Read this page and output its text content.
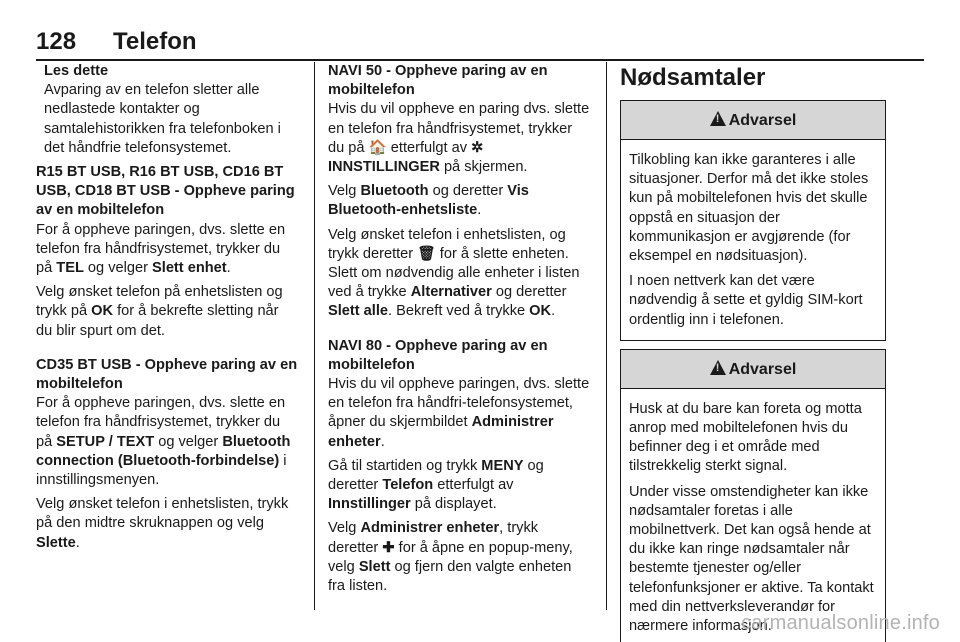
128 Telefon

Les dette

Avparing av en telefon sletter alle nedlastede kontakter og samtalehistorikken fra telefonboken i det håndfrie telefonsystemet.

R15 BT USB, R16 BT USB, CD16 BT USB, CD18 BT USB - Oppheve paring av en mobiltelefon

For å oppheve paringen, dvs. slette en telefon fra håndfrisystemet, trykker du på TEL og velger Slett enhet.

Velg ønsket telefon på enhetslisten og trykk på OK for å bekrefte sletting når du blir spurt om det.

CD35 BT USB - Oppheve paring av en mobiltelefon

For å oppheve paringen, dvs. slette en telefon fra håndfrisystemet, trykker du på SETUP / TEXT og velger Bluetooth connection (Bluetooth-forbindelse) i innstillingsmenyen.

Velg ønsket telefon i enhetslisten, trykk på den midtre skruknappen og velg Slette.

NAVI 50 - Oppheve paring av en mobiltelefon

Hvis du vil oppheve en paring dvs. slette en telefon fra håndfrisystemet, trykker du på 🏠 etterfulgt av ✲INNSTILLINGER på skjermen.

Velg Bluetooth og deretter Vis Bluetooth-enhetsliste.

Velg ønsket telefon i enhetslisten, og trykk deretter 🗑 for å slette enheten. Slett om nødvendig alle enheter i listen ved å trykke Alternativer og deretter Slett alle. Bekreft ved å trykke OK.

NAVI 80 - Oppheve paring av en mobiltelefon

Hvis du vil oppheve paringen, dvs. slette en telefon fra håndfri-telefonsystemet, åpner du skjermbildet Administrer enheter.

Gå til startiden og trykk MENY og deretter Telefon etterfulgt av Innstillinger på displayet.

Velg Administrer enheter, trykk deretter ✚ for å åpne en popup-meny, velg Slett og fjern den valgte enheten fra listen.

Nødsamtaler
!Advarsel

Tilkobling kan ikke garanteres i alle situasjoner. Derfor må det ikke stoles kun på mobiltelefonen hvis det skulle oppstå en situasjon der kommunikasjon er avgjørende (for eksempel en nødsituasjon).

I noen nettverk kan det være nødvendig å sette et gyldig SIM-kort ordentlig inn i telefonen.

!Advarsel

Husk at du bare kan foreta og motta anrop med mobiltelefonen hvis du befinner deg i et område med tilstrekkelig sterkt signal.

Under visse omstendigheter kan ikke nødsamtaler foretas i alle mobilnettverk. Det kan også hende at du ikke kan ringe nødsamtaler når bestemte tjenester og/eller telefonfunksjoner er aktive. Ta kontakt med din nettverksleverandør for nærmere informasjon.

carmanualsonline.info
